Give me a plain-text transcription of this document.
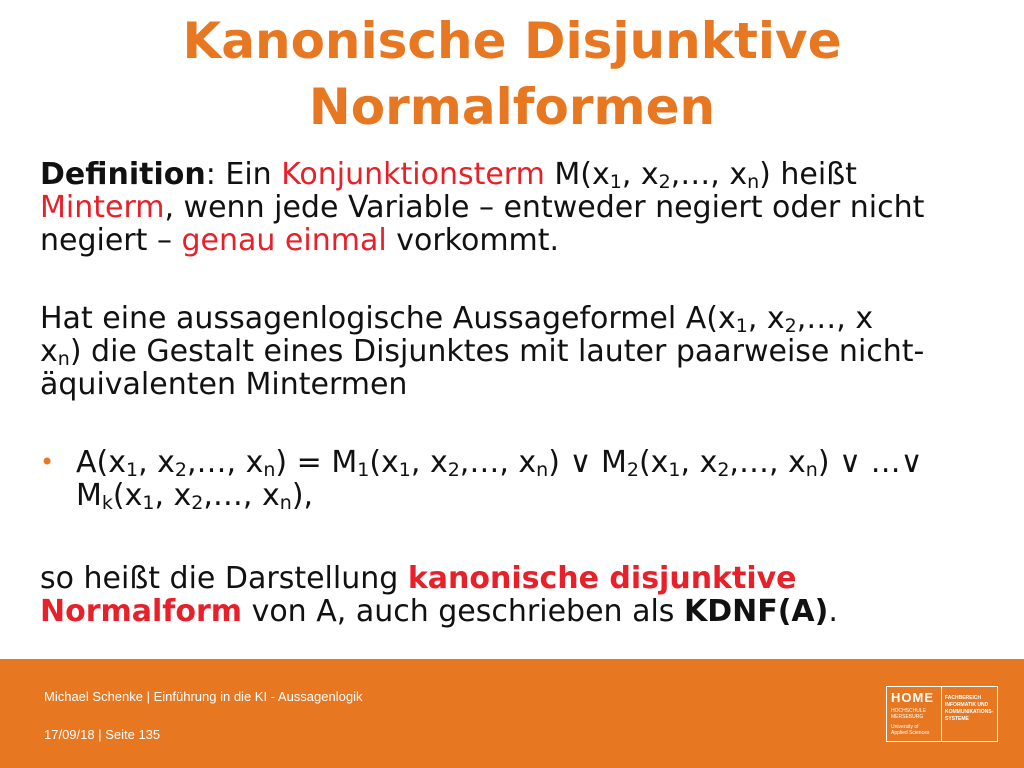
Kanonische Disjunktive
Normalformen

Definition: Ein Konjunktionsterm $M(x_1$, $x_2,\dots$, $x_n$) heißt
Minterm, wenn jede Variable – entweder negiert oder nicht negiert – genau einmal vorkommt.

Hat eine aussagenlogische Aussageformel $A(x_1$, $x_2,\dots$, x
$x_n$) die Gestalt eines Disjunktes mit lauter paarweise nicht-äquivalenten Mintermen

• $A(x_1$, $x_2,\dots$, $x_n) = M_1(x_1$, $x_2,\dots$, $x_n$) ∨ $M_2(x_1$, $x_2,\dots$, $x_n$) ∨ …∨ $M_k(x_1$, $x_2,\dots$, $x_n$),

so heißt die Darstellung kanonische disjunktive Normalform von A, auch geschrieben als KDNF(A).

Michael Schenke | Einführung in die KI - Aussagenlogik
17/09/18 | Seite 135
HOME
HOCHSCHULE
MERSEBURG
University of
Applied Sciences
FACHBEREICH
INFORMATIK UND
KOMMUNIKATIONS-
SYSTEME
